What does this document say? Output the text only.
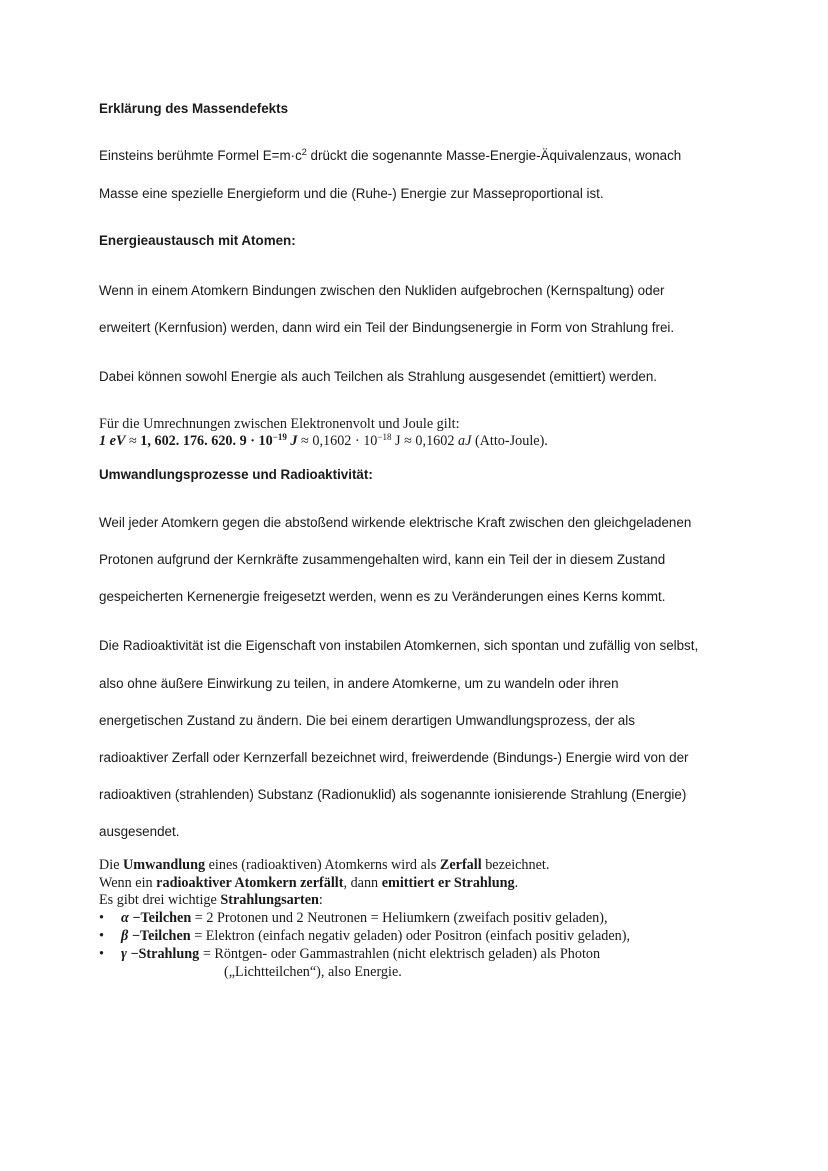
Erklärung des Massendefekts
Einsteins berühmte Formel $E=m\cdot c^2$ drückt die sogenannte Masse-Energie-Äquivalenzaus, wonach
Masse eine spezielle Energieform und die (Ruhe-) Energie zur Masseproportional ist.
Energieaustausch mit Atomen:
Wenn in einem Atomkern Bindungen zwischen den Nukliden aufgebrochen (Kernspaltung) oder
erweitert (Kernfusion) werden, dann wird ein Teil der Bindungsenergie in Form von Strahlung frei.
Dabei können sowohl Energie als auch Teilchen als Strahlung ausgesendet (emittiert) werden.
Für die Umrechnungen zwischen Elektronenvolt und Joule gilt:
1 eV ≈ 1, 602. 176. 620. $9 \cdot 10^{-19}$ $J \approx 0,1602 \cdot 10^{-18}$ J ≈ 0,1602 aJ (Atto-Joule).
Umwandlungsprozesse und Radioaktivität:
Weil jeder Atomkern gegen die abstoßend wirkende elektrische Kraft zwischen den gleichgeladenen
Protonen aufgrund der Kernkräfte zusammengehalten wird, kann ein Teil der in diesem Zustand
gespeicherten Kernenergie freigesetzt werden, wenn es zu Veränderungen eines Kerns kommt.
Die Radioaktivität ist die Eigenschaft von instabilen Atomkernen, sich spontan und zufällig von selbst,
also ohne äußere Einwirkung zu teilen, in andere Atomkerne, um zu wandeln oder ihren
energetischen Zustand zu ändern. Die bei einem derartigen Umwandlungsprozess, der als
radioaktiver Zerfall oder Kernzerfall bezeichnet wird, freiwerdende (Bindungs-) Energie wird von der
radioaktiven (strahlenden) Substanz (Radionuklid) als sogenannte ionisierende Strahlung (Energie)
ausgesendet.
Die Umwandlung eines (radioaktiven) Atomkerns wird als Zerfall bezeichnet.
Wenn ein radioaktiver Atomkern zerfällt, dann emittiert er Strahlung.
Es gibt drei wichtige Strahlungsarten:
• α −Teilchen = 2 Protonen und 2 Neutronen = Heliumkern (zweifach positiv geladen),
• β −Teilchen = Elektron (einfach negativ geladen) oder Positron (einfach positiv geladen),
• γ −Strahlung = Röntgen- oder Gammastrahlen (nicht elektrisch geladen) als Photon
(„Lichtteilchen“), also Energie.
